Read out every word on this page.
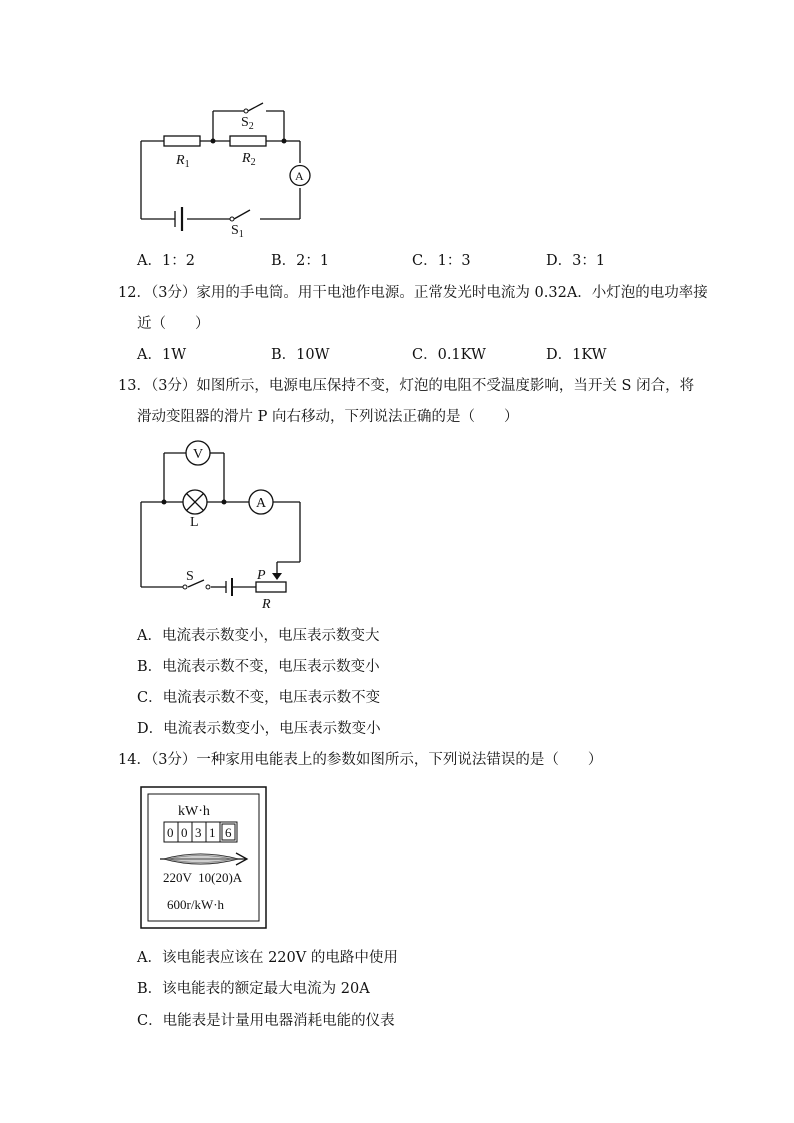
$R_1$	$R_2$
$S_2$
$S_1$
A
A．1：2	B．2：1	C．1：3	D．3：1
12．（3分）家用的手电筒。用干电池作电源。正常发光时电流为 0.32A．小灯泡的电功率接
近（　　）
A．1W	B．10W	C．0.1KW	D．1KW
13．（3分）如图所示，电源电压保持不变，灯泡的电阻不受温度影响，当开关 S 闭合，将
滑动变阻器的滑片 P 向右移动，下列说法正确的是（　　）
V
A
L
S	P
R
A．电流表示数变小，电压表示数变大
B．电流表示数不变，电压表示数变小
C．电流表示数不变，电压表示数不变
D．电流表示数变小，电压表示数变小
14．（3分）一种家用电能表上的参数如图所示，下列说法错误的是（　　）
kW·h
0 0 3 1 6
220V  10(20)A
600r/kW·h
A．该电能表应该在 220V 的电路中使用
B．该电能表的额定最大电流为 20A
C．电能表是计量用电器消耗电能的仪表
